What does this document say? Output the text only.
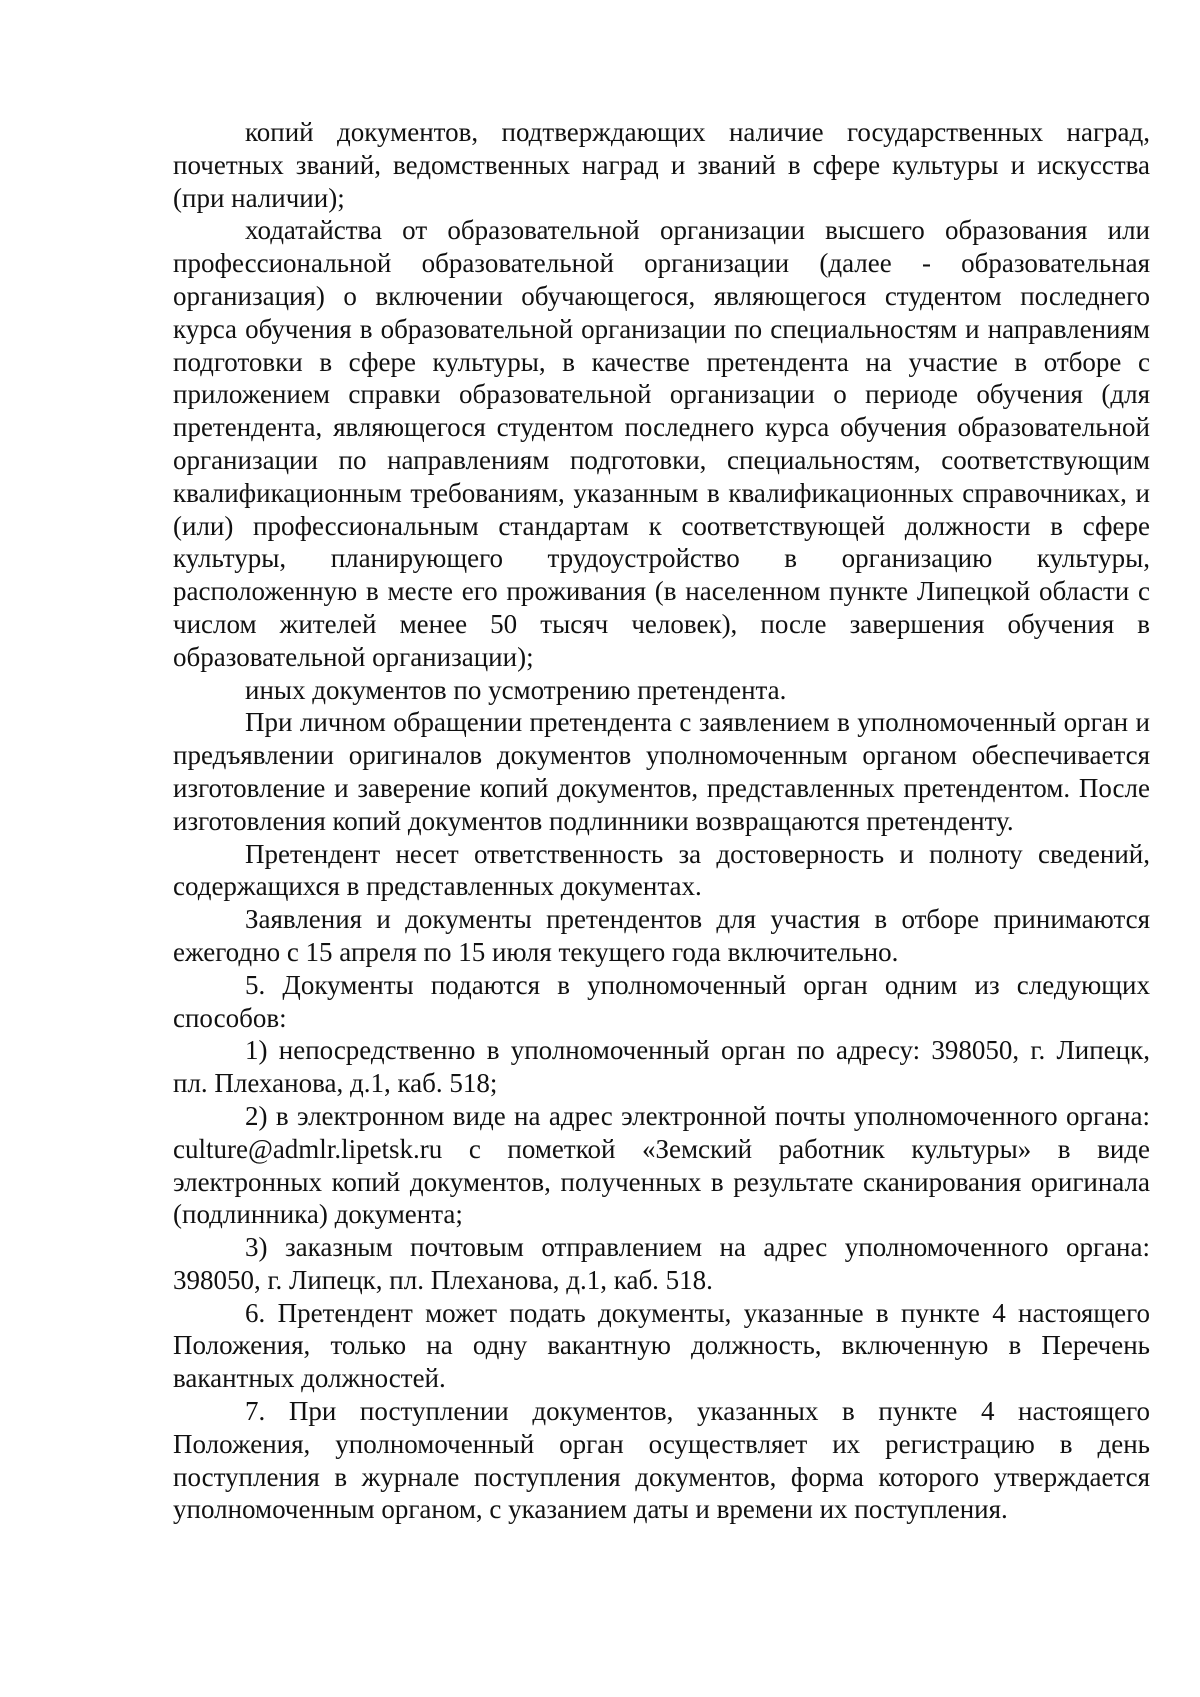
копий документов, подтверждающих наличие государственных наград, почетных званий, ведомственных наград и званий в сфере культуры и искусства (при наличии);

ходатайства от образовательной организации высшего образования или профессиональной образовательной организации (далее - образовательная организация) о включении обучающегося, являющегося студентом последнего курса обучения в образовательной организации по специальностям и направлениям подготовки в сфере культуры, в качестве претендента на участие в отборе с приложением справки образовательной организации о периоде обучения (для претендента, являющегося студентом последнего курса обучения образовательной организации по направлениям подготовки, специальностям, соответствующим квалификационным требованиям, указанным в квалификационных справочниках, и (или) профессиональным стандартам к соответствующей должности в сфере культуры, планирующего трудоустройство в организацию культуры, расположенную в месте его проживания (в населенном пункте Липецкой области с числом жителей менее 50 тысяч человек), после завершения обучения в образовательной организации);

иных документов по усмотрению претендента.

При личном обращении претендента с заявлением в уполномоченный орган и предъявлении оригиналов документов уполномоченным органом обеспечивается изготовление и заверение копий документов, представленных претендентом. После изготовления копий документов подлинники возвращаются претенденту.

Претендент несет ответственность за достоверность и полноту сведений, содержащихся в представленных документах.

Заявления и документы претендентов для участия в отборе принимаются ежегодно с 15 апреля по 15 июля текущего года включительно.

5. Документы подаются в уполномоченный орган одним из следующих способов:

1) непосредственно в уполномоченный орган по адресу: 398050, г. Липецк, пл. Плеханова, д.1, каб. 518;

2) в электронном виде на адрес электронной почты уполномоченного органа: culture@admlr.lipetsk.ru с пометкой «Земский работник культуры» в виде электронных копий документов, полученных в результате сканирования оригинала (подлинника) документа;

3) заказным почтовым отправлением на адрес уполномоченного органа: 398050, г. Липецк, пл. Плеханова, д.1, каб. 518.

6. Претендент может подать документы, указанные в пункте 4 настоящего Положения, только на одну вакантную должность, включенную в Перечень вакантных должностей.

7. При поступлении документов, указанных в пункте 4 настоящего Положения, уполномоченный орган осуществляет их регистрацию в день поступления в журнале поступления документов, форма которого утверждается уполномоченным органом, с указанием даты и времени их поступления.
